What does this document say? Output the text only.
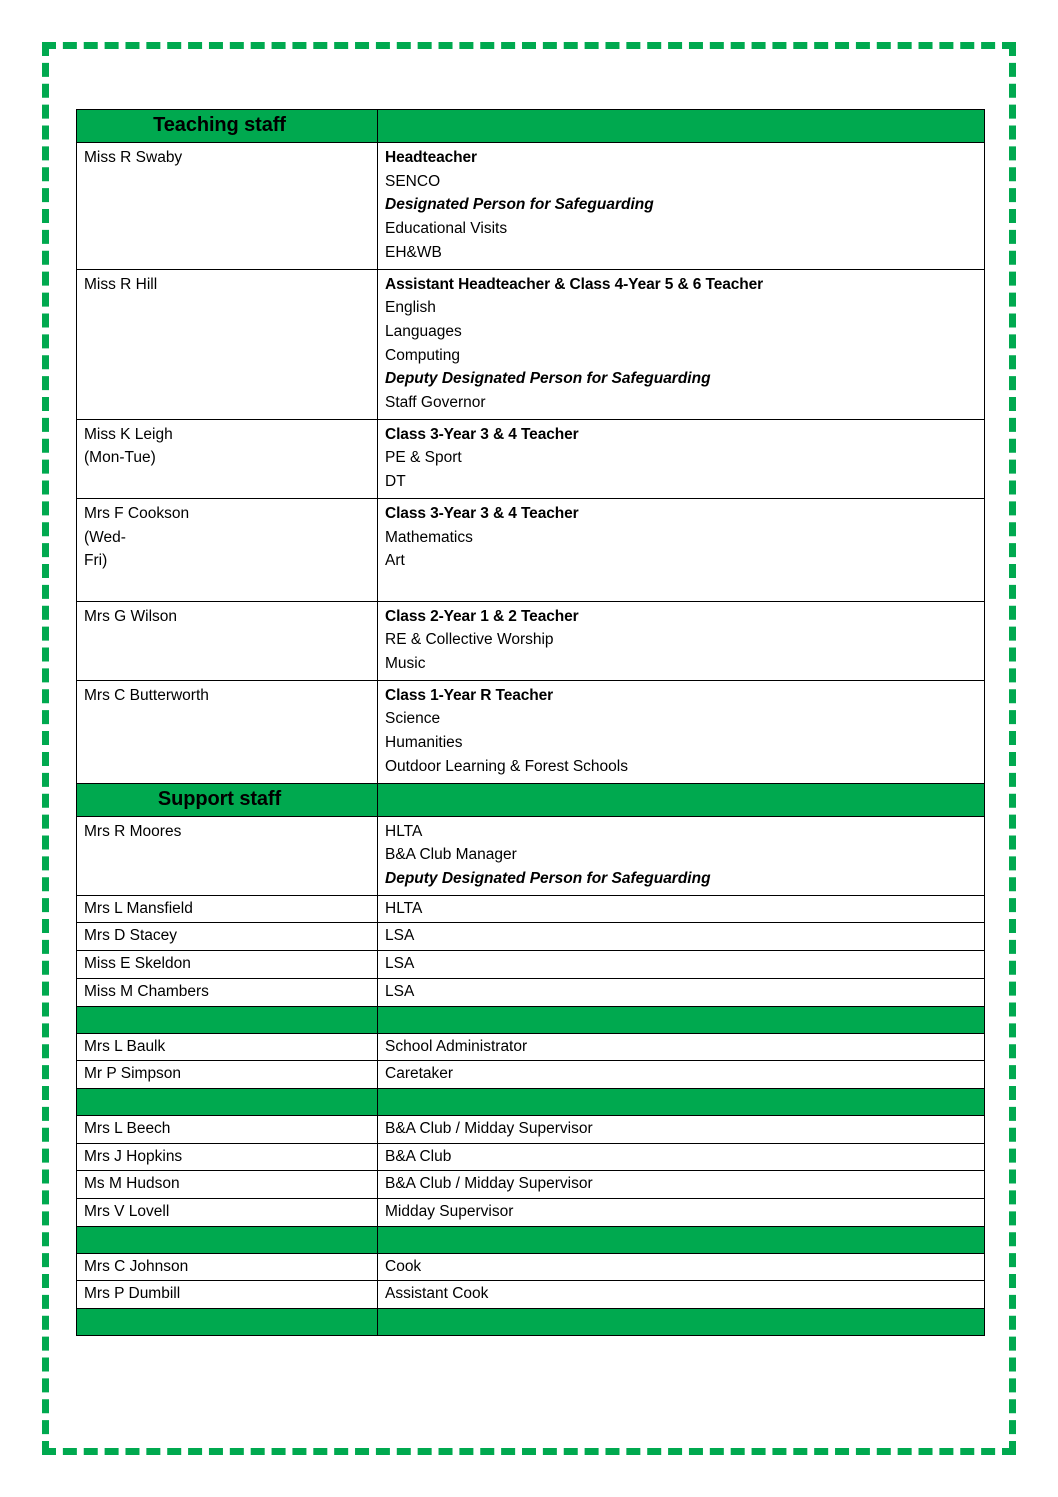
Teaching staff	

Miss R Swaby	Headteacher
SENCO
Designated Person for Safeguarding
Educational Visits
EH&WB

Miss R Hill	Assistant Headteacher & Class 4-Year 5 & 6 Teacher
English
Languages
Computing
Deputy Designated Person for Safeguarding
Staff Governor

Miss K Leigh
(Mon-Tue)	Class 3-Year 3 & 4 Teacher
PE & Sport
DT

Mrs F Cookson
(Wed-
Fri)	Class 3-Year 3 & 4 Teacher
Mathematics
Art

Mrs G Wilson	Class 2-Year 1 & 2 Teacher
RE & Collective Worship
Music

Mrs C Butterworth	Class 1-Year R Teacher
Science
Humanities
Outdoor Learning & Forest Schools

Support staff	

Mrs R Moores	HLTA
B&A Club Manager
Deputy Designated Person for Safeguarding

Mrs L Mansfield	HLTA

Mrs D Stacey	LSA

Miss E Skeldon	LSA

Miss M Chambers	LSA

Mrs L Baulk	School Administrator

Mr P Simpson	Caretaker

Mrs L Beech	B&A Club / Midday Supervisor

Mrs J Hopkins	B&A Club

Ms M Hudson	B&A Club / Midday Supervisor

Mrs V Lovell	Midday Supervisor

Mrs C Johnson	Cook

Mrs P Dumbill	Assistant Cook
